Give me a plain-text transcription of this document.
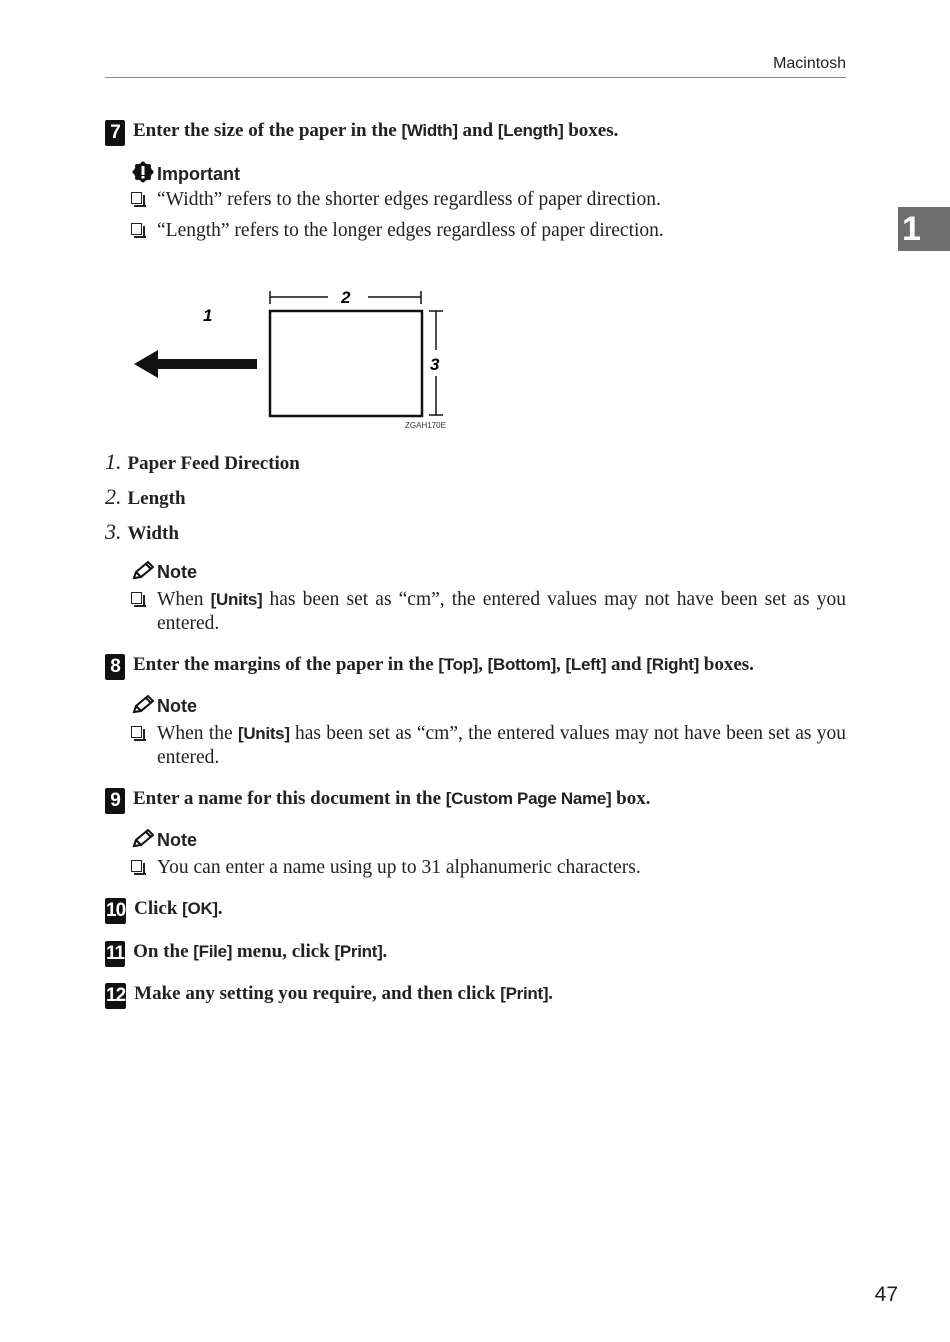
Macintosh
1
7 Enter the size of the paper in the [Width] and [Length] boxes.
Important
“Width” refers to the shorter edges regardless of paper direction.
“Length” refers to the longer edges regardless of paper direction.
1
2
3
ZGAH170E
1. Paper Feed Direction
2. Length
3. Width
Note
When [Units] has been set as “cm”, the entered values may not have been set as you entered.
8 Enter the margins of the paper in the [Top], [Bottom], [Left] and [Right] boxes.
Note
When the [Units] has been set as “cm”, the entered values may not have been set as you entered.
9 Enter a name for this document in the [Custom Page Name] box.
Note
You can enter a name using up to 31 alphanumeric characters.
10 Click [OK].
11 On the [File] menu, click [Print].
12 Make any setting you require, and then click [Print].
47
